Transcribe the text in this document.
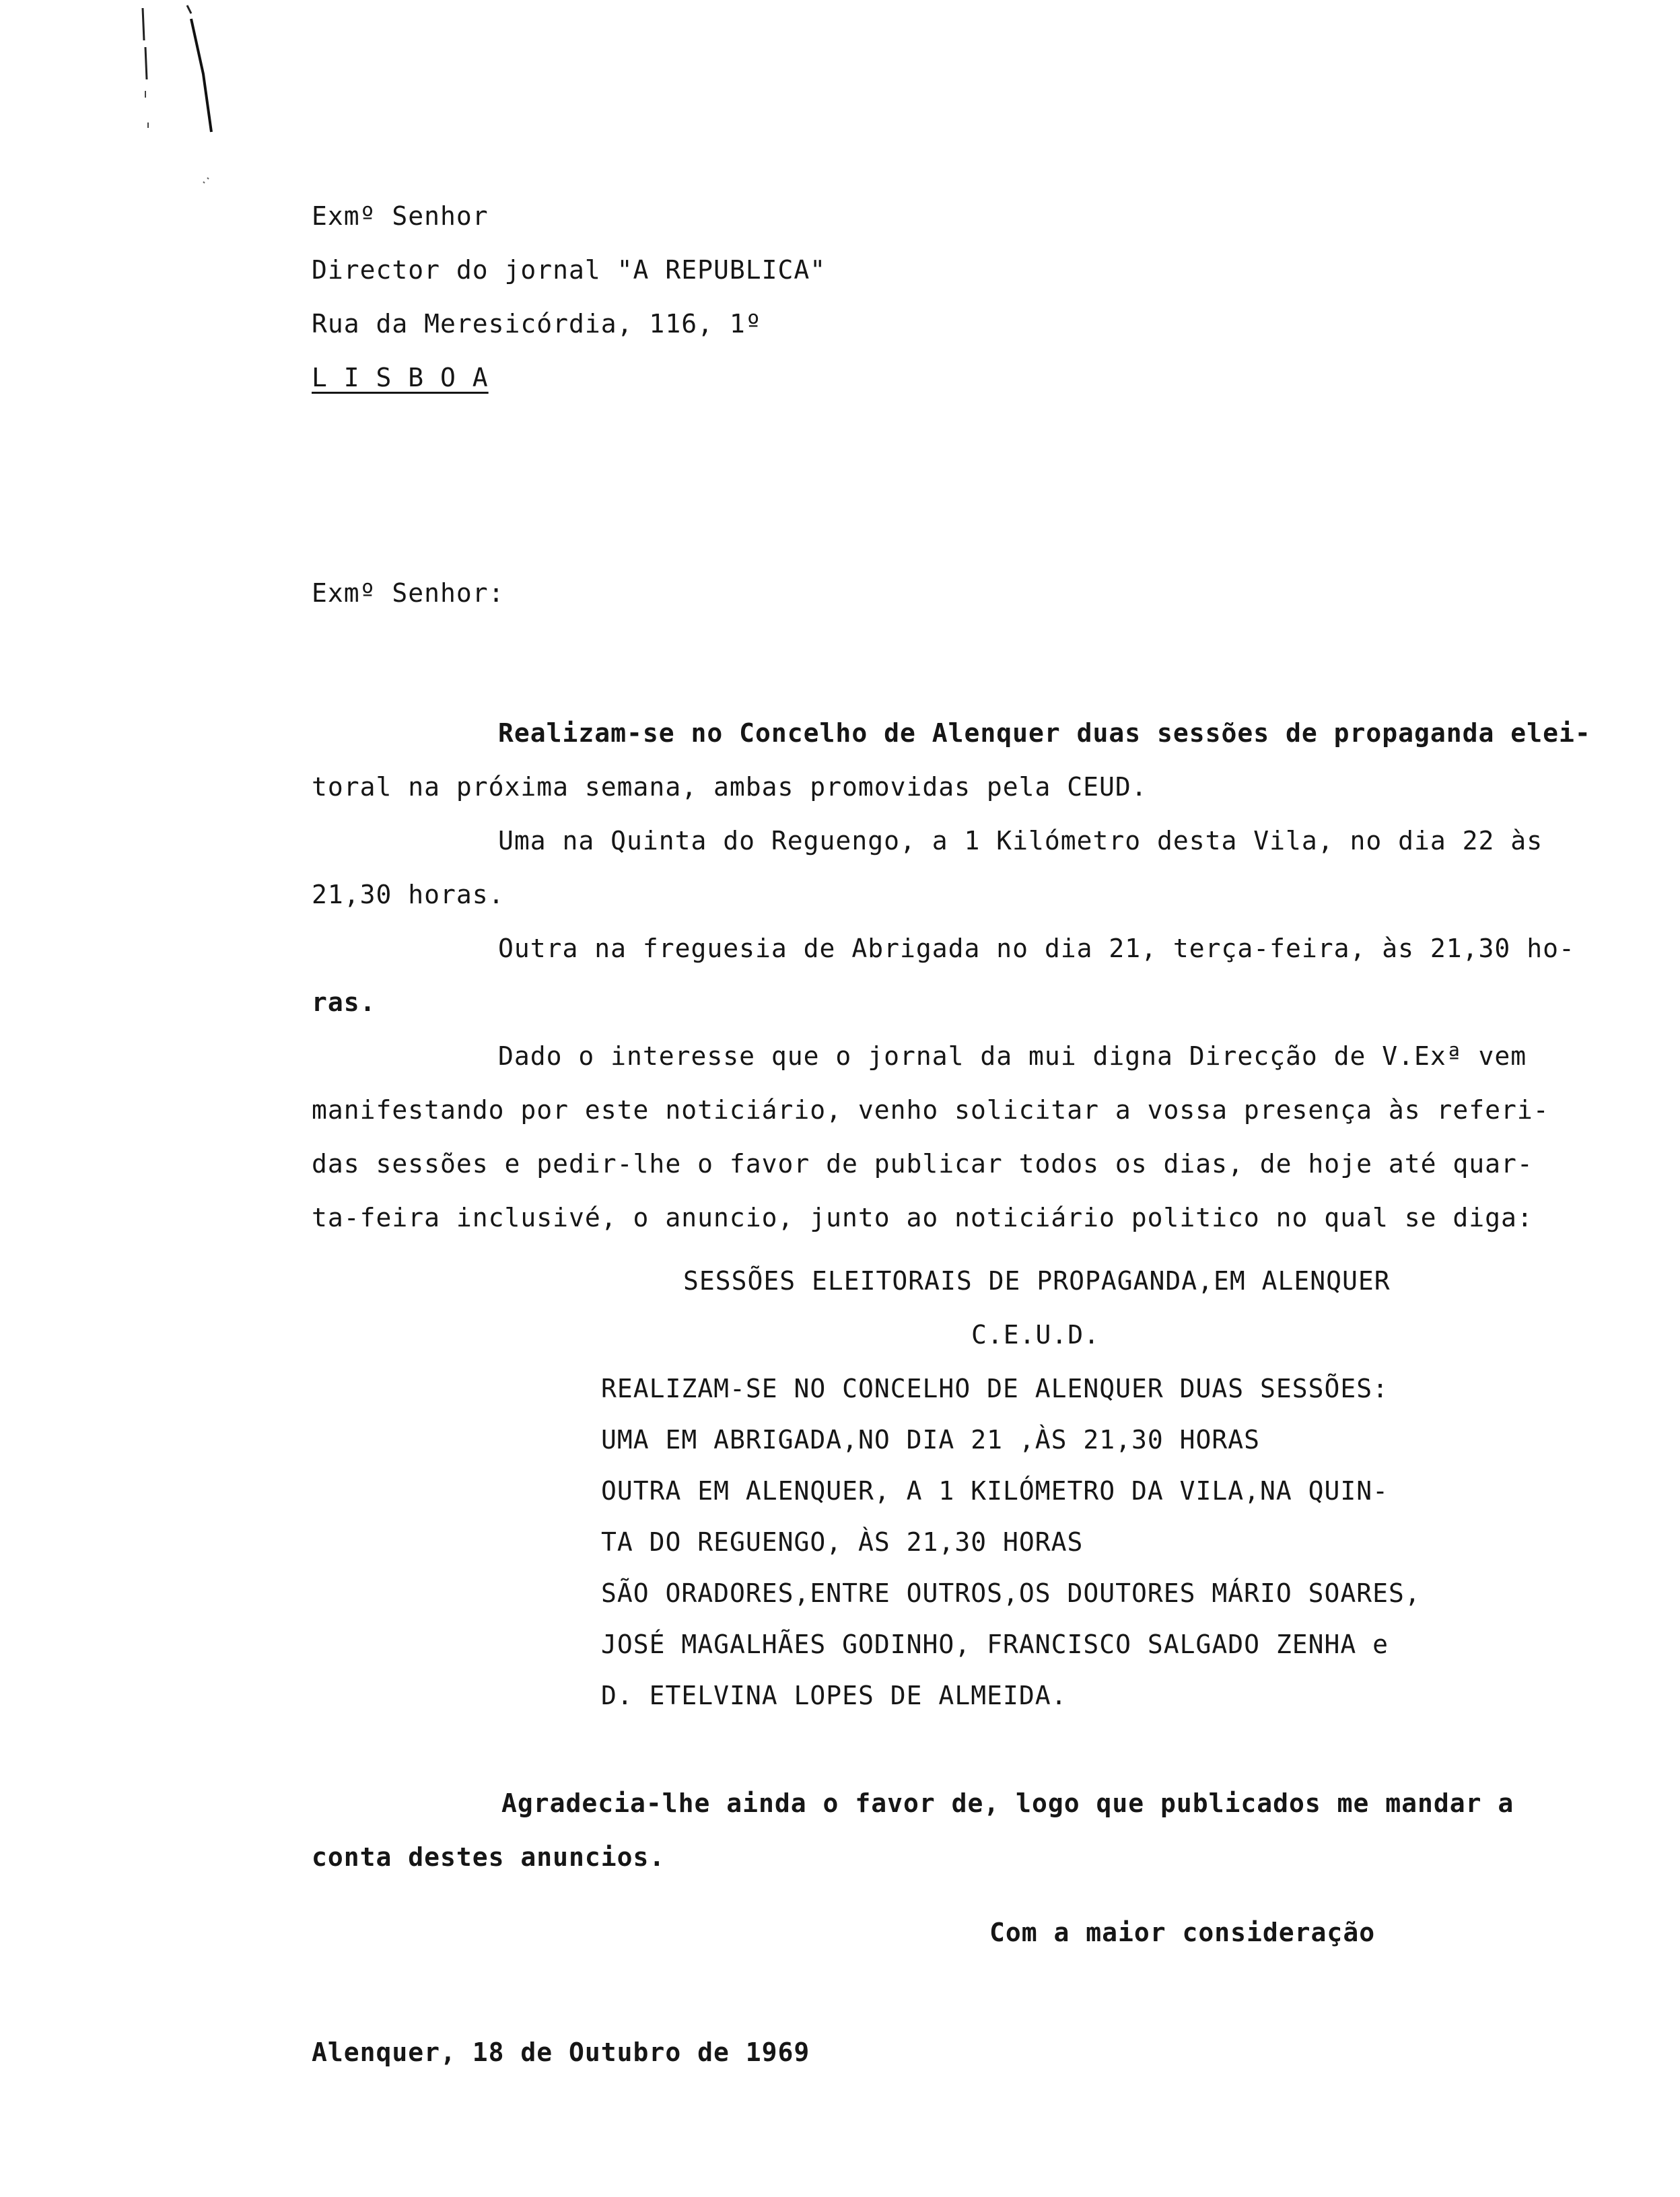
Exmº Senhor
Director do jornal "A REPUBLICA"
Rua da Meresicórdia, 116, 1º
L I S B O A
Exmº Senhor:
Realizam-se no Concelho de Alenquer duas sessões de propaganda elei-
toral na próxima semana, ambas promovidas pela CEUD.
Uma na Quinta do Reguengo, a 1 Kilómetro desta Vila, no dia 22 às
21,30 horas.
Outra na freguesia de Abrigada no dia 21, terça-feira, às 21,30 ho-
ras.
Dado o interesse que o jornal da mui digna Direcção de V.Exª vem
manifestando por este noticiário, venho solicitar a vossa presença às referi-
das sessões e pedir-lhe o favor de publicar todos os dias, de hoje até quar-
ta-feira inclusivé, o anuncio, junto ao noticiário politico no qual se diga:
SESSÕES ELEITORAIS DE PROPAGANDA,EM ALENQUER
C.E.U.D.
REALIZAM-SE NO CONCELHO DE ALENQUER DUAS SESSÕES:
UMA EM ABRIGADA,NO DIA 21 ,ÀS 21,30 HORAS
OUTRA EM ALENQUER, A 1 KILÓMETRO DA VILA,NA QUIN-
TA DO REGUENGO, ÀS 21,30 HORAS
SÃO ORADORES,ENTRE OUTROS,OS DOUTORES MÁRIO SOARES,
JOSÉ MAGALHÃES GODINHO, FRANCISCO SALGADO ZENHA e
D. ETELVINA LOPES DE ALMEIDA.
Agradecia-lhe ainda o favor de, logo que publicados me mandar a
conta destes anuncios.
Com a maior consideração
Alenquer, 18 de Outubro de 1969
